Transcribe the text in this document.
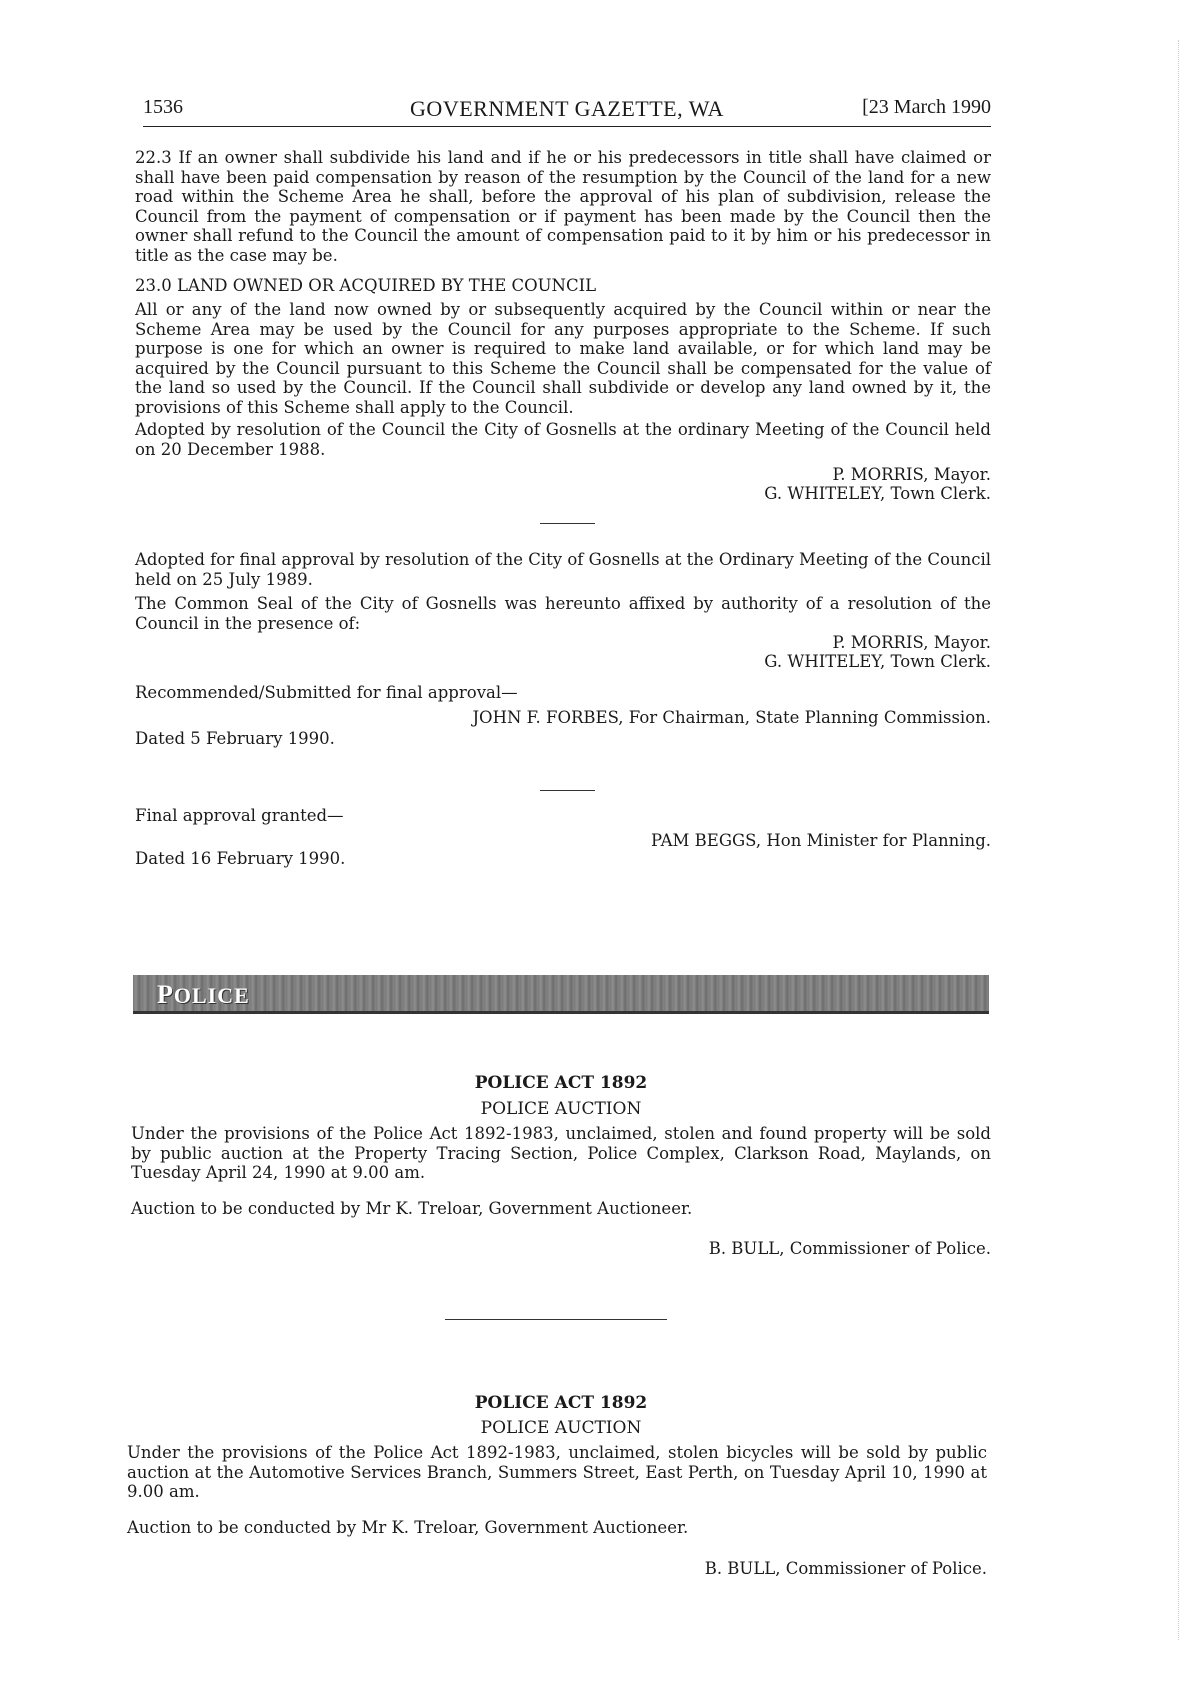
1536	GOVERNMENT GAZETTE, WA	[23 March 1990
22.3 If an owner shall subdivide his land and if he or his predecessors in title shall have claimed or shall have been paid compensation by reason of the resumption by the Council of the land for a new road within the Scheme Area he shall, before the approval of his plan of subdivision, release the Council from the payment of compensation or if payment has been made by the Council then the owner shall refund to the Council the amount of compensation paid to it by him or his predecessor in title as the case may be.
23.0 LAND OWNED OR ACQUIRED BY THE COUNCIL
All or any of the land now owned by or subsequently acquired by the Council within or near the Scheme Area may be used by the Council for any purposes appropriate to the Scheme. If such purpose is one for which an owner is required to make land available, or for which land may be acquired by the Council pursuant to this Scheme the Council shall be compensated for the value of the land so used by the Council. If the Council shall subdivide or develop any land owned by it, the provisions of this Scheme shall apply to the Council.
Adopted by resolution of the Council the City of Gosnells at the ordinary Meeting of the Council held on 20 December 1988.
P. MORRIS, Mayor.
G. WHITELEY, Town Clerk.
Adopted for final approval by resolution of the City of Gosnells at the Ordinary Meeting of the Council held on 25 July 1989.
The Common Seal of the City of Gosnells was hereunto affixed by authority of a resolution of the Council in the presence of:
P. MORRIS, Mayor.
G. WHITELEY, Town Clerk.
Recommended/Submitted for final approval—
JOHN F. FORBES, For Chairman, State Planning Commission.
Dated 5 February 1990.
Final approval granted—
PAM BEGGS, Hon Minister for Planning.
Dated 16 February 1990.
POLICE
POLICE ACT 1892
POLICE AUCTION
Under the provisions of the Police Act 1892-1983, unclaimed, stolen and found property will be sold by public auction at the Property Tracing Section, Police Complex, Clarkson Road, Maylands, on Tuesday April 24, 1990 at 9.00 am.
Auction to be conducted by Mr K. Treloar, Government Auctioneer.
B. BULL, Commissioner of Police.
POLICE ACT 1892
POLICE AUCTION
Under the provisions of the Police Act 1892-1983, unclaimed, stolen bicycles will be sold by public auction at the Automotive Services Branch, Summers Street, East Perth, on Tuesday April 10, 1990 at 9.00 am.
Auction to be conducted by Mr K. Treloar, Government Auctioneer.
B. BULL, Commissioner of Police.
